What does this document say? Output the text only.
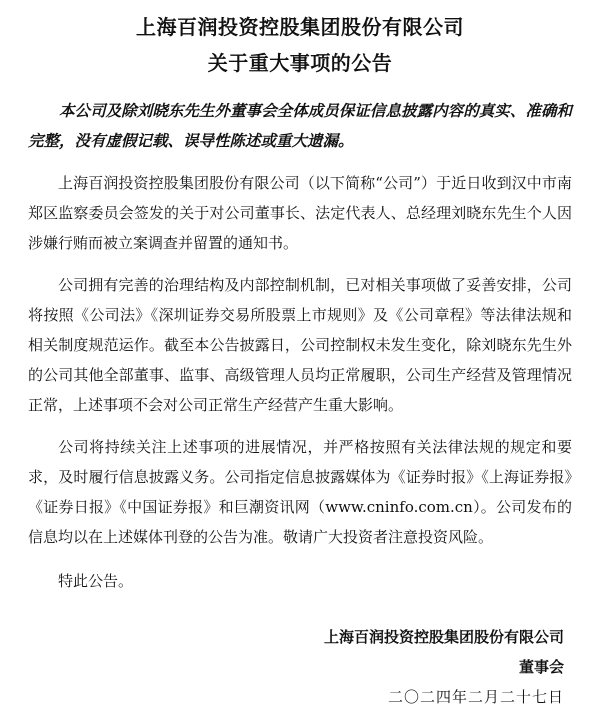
上海百润投资控股集团股份有限公司
关于重大事项的公告
本公司及除刘晓东先生外董事会全体成员保证信息披露内容的真实、准确和完整，没有虚假记载、误导性陈述或重大遗漏。
上海百润投资控股集团股份有限公司（以下简称“公司”）于近日收到汉中市南郑区监察委员会签发的关于对公司董事长、法定代表人、总经理刘晓东先生个人因涉嫌行贿而被立案调查并留置的通知书。
公司拥有完善的治理结构及内部控制机制，已对相关事项做了妥善安排，公司将按照《公司法》《深圳证券交易所股票上市规则》及《公司章程》等法律法规和相关制度规范运作。截至本公告披露日，公司控制权未发生变化，除刘晓东先生外的公司其他全部董事、监事、高级管理人员均正常履职，公司生产经营及管理情况正常，上述事项不会对公司正常生产经营产生重大影响。
公司将持续关注上述事项的进展情况，并严格按照有关法律法规的规定和要求，及时履行信息披露义务。公司指定信息披露媒体为《证券时报》《上海证券报》《证券日报》《中国证券报》和巨潮资讯网（www.cninfo.com.cn）。公司发布的信息均以在上述媒体刊登的公告为准。敬请广大投资者注意投资风险。
特此公告。
上海百润投资控股集团股份有限公司
董事会
二〇二四年二月二十七日
